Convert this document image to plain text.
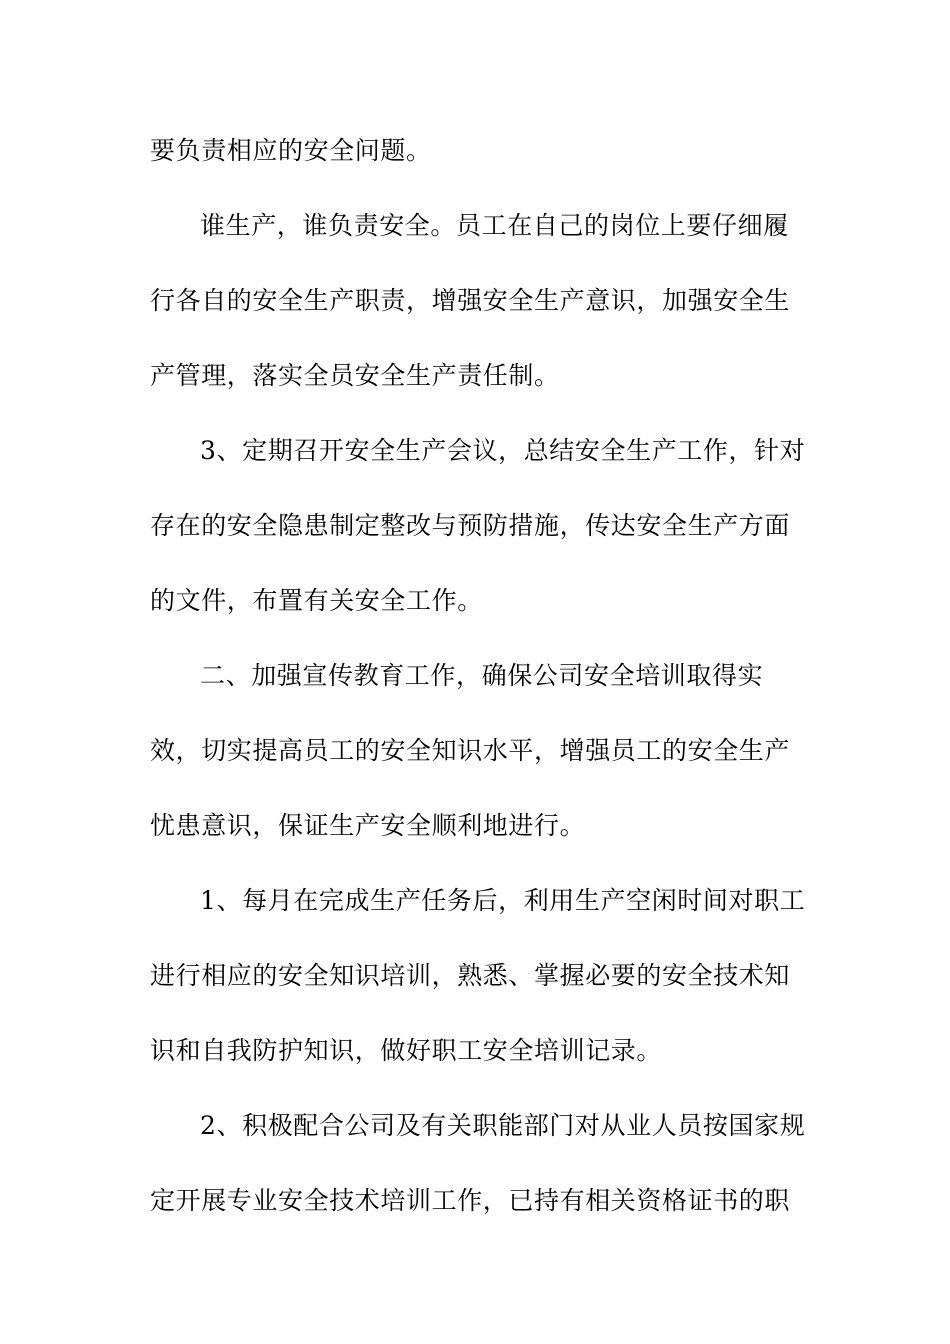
要负责相应的安全问题。
谁生产，谁负责安全。员工在自己的岗位上要仔细履
行各自的安全生产职责，增强安全生产意识，加强安全生
产管理，落实全员安全生产责任制。
3、定期召开安全生产会议，总结安全生产工作，针对
存在的安全隐患制定整改与预防措施，传达安全生产方面
的文件，布置有关安全工作。
二、加强宣传教育工作，确保公司安全培训取得实
效，切实提高员工的安全知识水平，增强员工的安全生产
忧患意识，保证生产安全顺利地进行。
1、每月在完成生产任务后，利用生产空闲时间对职工
进行相应的安全知识培训，熟悉、掌握必要的安全技术知
识和自我防护知识，做好职工安全培训记录。
2、积极配合公司及有关职能部门对从业人员按国家规
定开展专业安全技术培训工作，已持有相关资格证书的职
